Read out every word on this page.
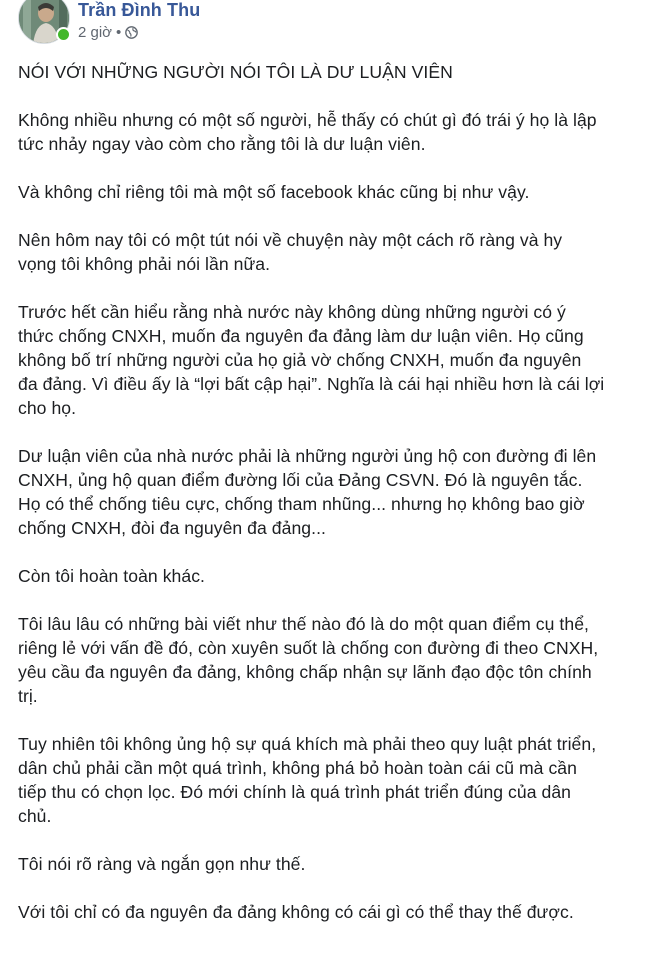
Trần Đình Thu
2 giờ •

NÓI VỚI NHỮNG NGƯỜI NÓI TÔI LÀ DƯ LUẬN VIÊN

Không nhiều nhưng có một số người, hễ thấy có chút gì đó trái ý họ là lập
tức nhảy ngay vào còm cho rằng tôi là dư luận viên.

Và không chỉ riêng tôi mà một số facebook khác cũng bị như vậy.

Nên hôm nay tôi có một tút nói về chuyện này một cách rõ ràng và hy
vọng tôi không phải nói lần nữa.

Trước hết cần hiểu rằng nhà nước này không dùng những người có ý
thức chống CNXH, muốn đa nguyên đa đảng làm dư luận viên. Họ cũng
không bố trí những người của họ giả vờ chống CNXH, muốn đa nguyên
đa đảng. Vì điều ấy là “lợi bất cập hại”. Nghĩa là cái hại nhiều hơn là cái lợi
cho họ.

Dư luận viên của nhà nước phải là những người ủng hộ con đường đi lên
CNXH, ủng hộ quan điểm đường lối của Đảng CSVN. Đó là nguyên tắc.
Họ có thể chống tiêu cực, chống tham nhũng... nhưng họ không bao giờ
chống CNXH, đòi đa nguyên đa đảng...

Còn tôi hoàn toàn khác.

Tôi lâu lâu có những bài viết như thế nào đó là do một quan điểm cụ thể,
riêng lẻ với vấn đề đó, còn xuyên suốt là chống con đường đi theo CNXH,
yêu cầu đa nguyên đa đảng, không chấp nhận sự lãnh đạo độc tôn chính
trị.

Tuy nhiên tôi không ủng hộ sự quá khích mà phải theo quy luật phát triển,
dân chủ phải cần một quá trình, không phá bỏ hoàn toàn cái cũ mà cần
tiếp thu có chọn lọc. Đó mới chính là quá trình phát triển đúng của dân
chủ.

Tôi nói rõ ràng và ngắn gọn như thế.

Với tôi chỉ có đa nguyên đa đảng không có cái gì có thể thay thế được.
